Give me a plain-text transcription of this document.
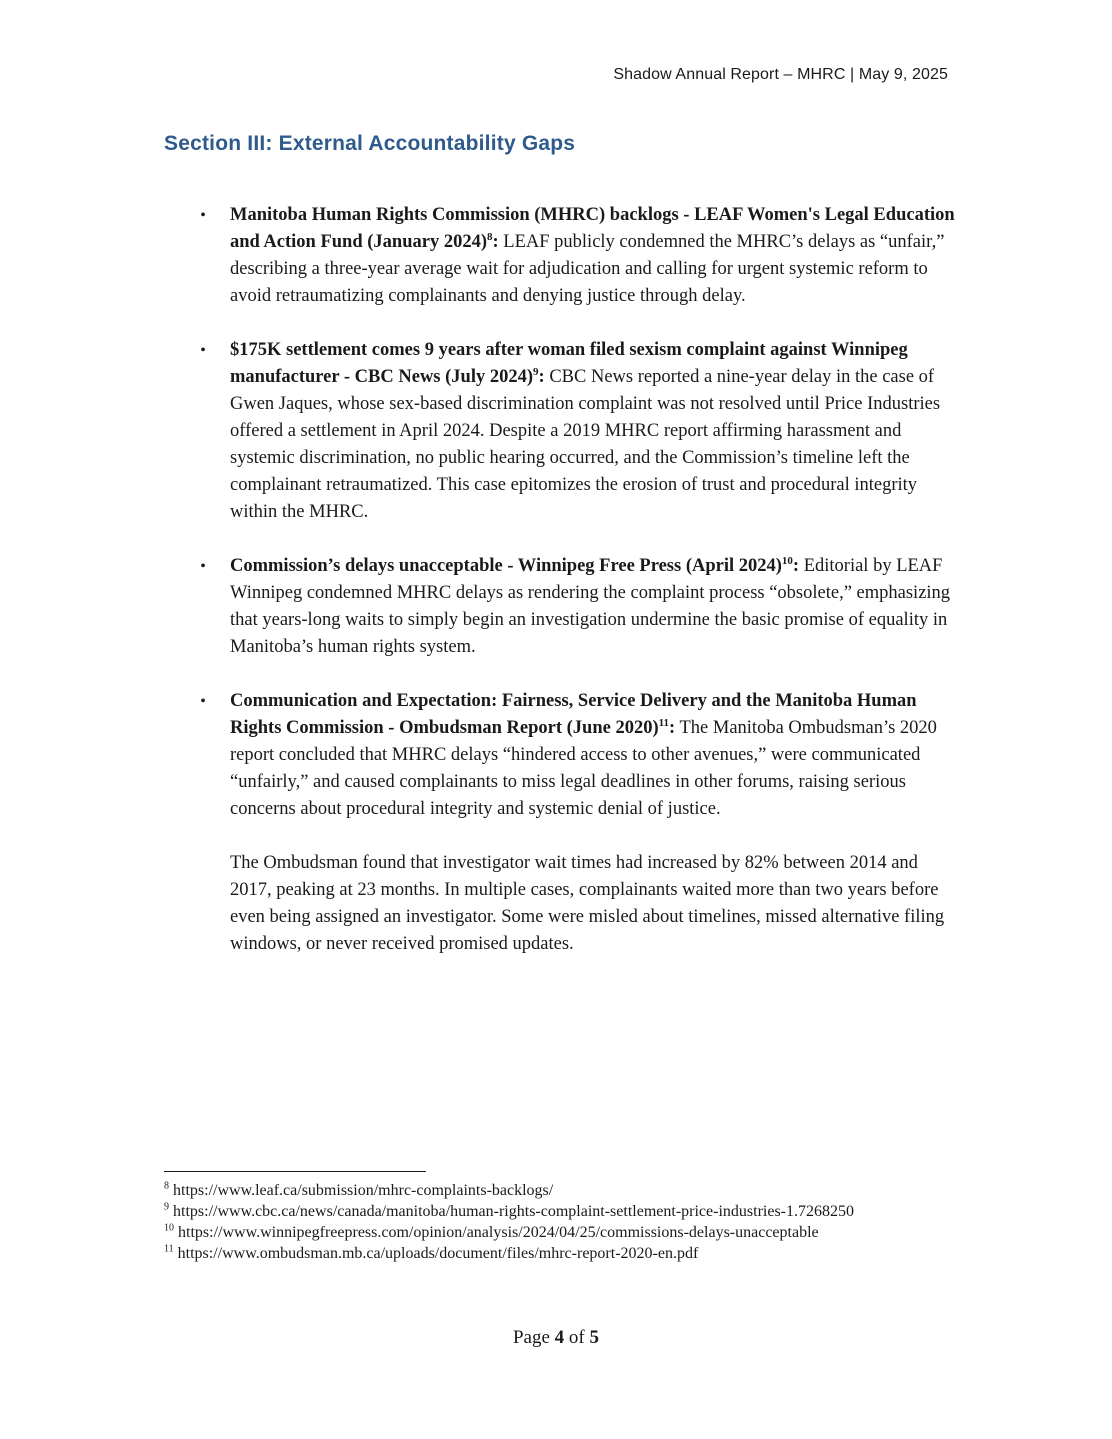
Shadow Annual Report – MHRC | May 9, 2025
Section III: External Accountability Gaps
• Manitoba Human Rights Commission (MHRC) backlogs - LEAF Women's Legal Education and Action Fund (January 2024)$^8$: LEAF publicly condemned the MHRC’s delays as “unfair,” describing a three-year average wait for adjudication and calling for urgent systemic reform to avoid retraumatizing complainants and denying justice through delay.
• $175K settlement comes 9 years after woman filed sexism complaint against Winnipeg manufacturer - CBC News (July 2024)$^9$: CBC News reported a nine-year delay in the case of Gwen Jaques, whose sex-based discrimination complaint was not resolved until Price Industries offered a settlement in April 2024. Despite a 2019 MHRC report affirming harassment and systemic discrimination, no public hearing occurred, and the Commission’s timeline left the complainant retraumatized. This case epitomizes the erosion of trust and procedural integrity within the MHRC.
• Commission’s delays unacceptable - Winnipeg Free Press (April 2024)$^{10}$: Editorial by LEAF Winnipeg condemned MHRC delays as rendering the complaint process “obsolete,” emphasizing that years-long waits to simply begin an investigation undermine the basic promise of equality in Manitoba’s human rights system.
• Communication and Expectation: Fairness, Service Delivery and the Manitoba Human Rights Commission - Ombudsman Report (June 2020)$^{11}$: The Manitoba Ombudsman’s 2020 report concluded that MHRC delays “hindered access to other avenues,” were communicated “unfairly,” and caused complainants to miss legal deadlines in other forums, raising serious concerns about procedural integrity and systemic denial of justice.
The Ombudsman found that investigator wait times had increased by 82% between 2014 and 2017, peaking at 23 months. In multiple cases, complainants waited more than two years before even being assigned an investigator. Some were misled about timelines, missed alternative filing windows, or never received promised updates.

$^8$ https://www.leaf.ca/submission/mhrc-complaints-backlogs/

$^9$ https://www.cbc.ca/news/canada/manitoba/human-rights-complaint-settlement-price-industries-1.7268250

$^{10}$ https://www.winnipegfreepress.com/opinion/analysis/2024/04/25/commissions-delays-unacceptable

$^{11}$ https://www.ombudsman.mb.ca/uploads/document/files/mhrc-report-2020-en.pdf

Page 4 of 5
